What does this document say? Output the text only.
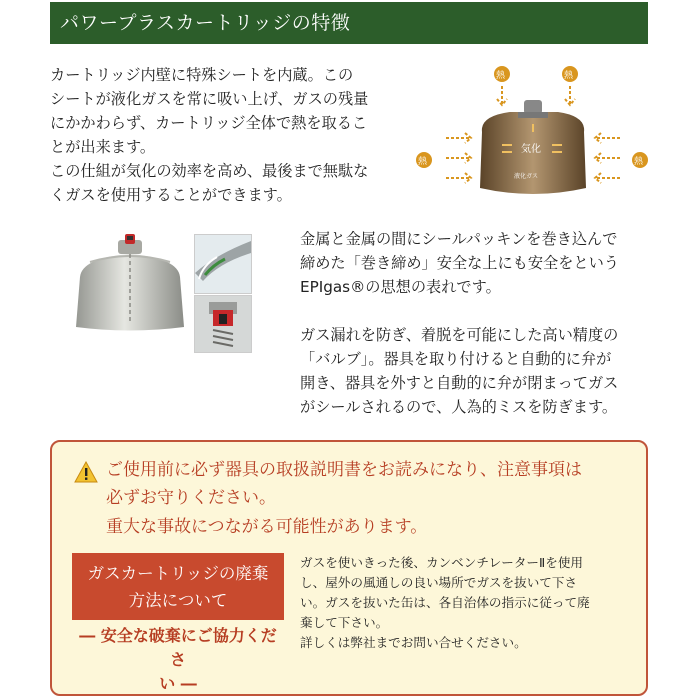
パワープラスカートリッジの特徴
カートリッジ内壁に特殊シートを内蔵。この
シートが液化ガスを常に吸い上げ、ガスの残量
にかかわらず、カートリッジ全体で熱を取るこ
とが出来ます。
この仕組が気化の効率を高め、最後まで無駄な
くガスを使用することができます。
気化
液化ガス
熱	熱
熱	熱
金属と金属の間にシールパッキンを巻き込んで
締めた「巻き締め」安全な上にも安全をという
EPIgas®の思想の表れです。
ガス漏れを防ぎ、着脱を可能にした高い精度の
「バルブ」。器具を取り付けると自動的に弁が
開き、器具を外すと自動的に弁が閉まってガス
がシールされるので、人為的ミスを防ぎます。
ご使用前に必ず器具の取扱説明書をお読みになり、注意事項は
必ずお守りください。
重大な事故につながる可能性があります。
ガスカートリッジの廃棄
方法について
― 安全な破棄にご協力くださ
い ―
ガスを使いきった後、カンベンチレーターⅡを使用
し、屋外の風通しの良い場所でガスを抜いて下さ
い。ガスを抜いた缶は、各自治体の指示に従って廃
棄して下さい。
詳しくは弊社までお問い合せください。
